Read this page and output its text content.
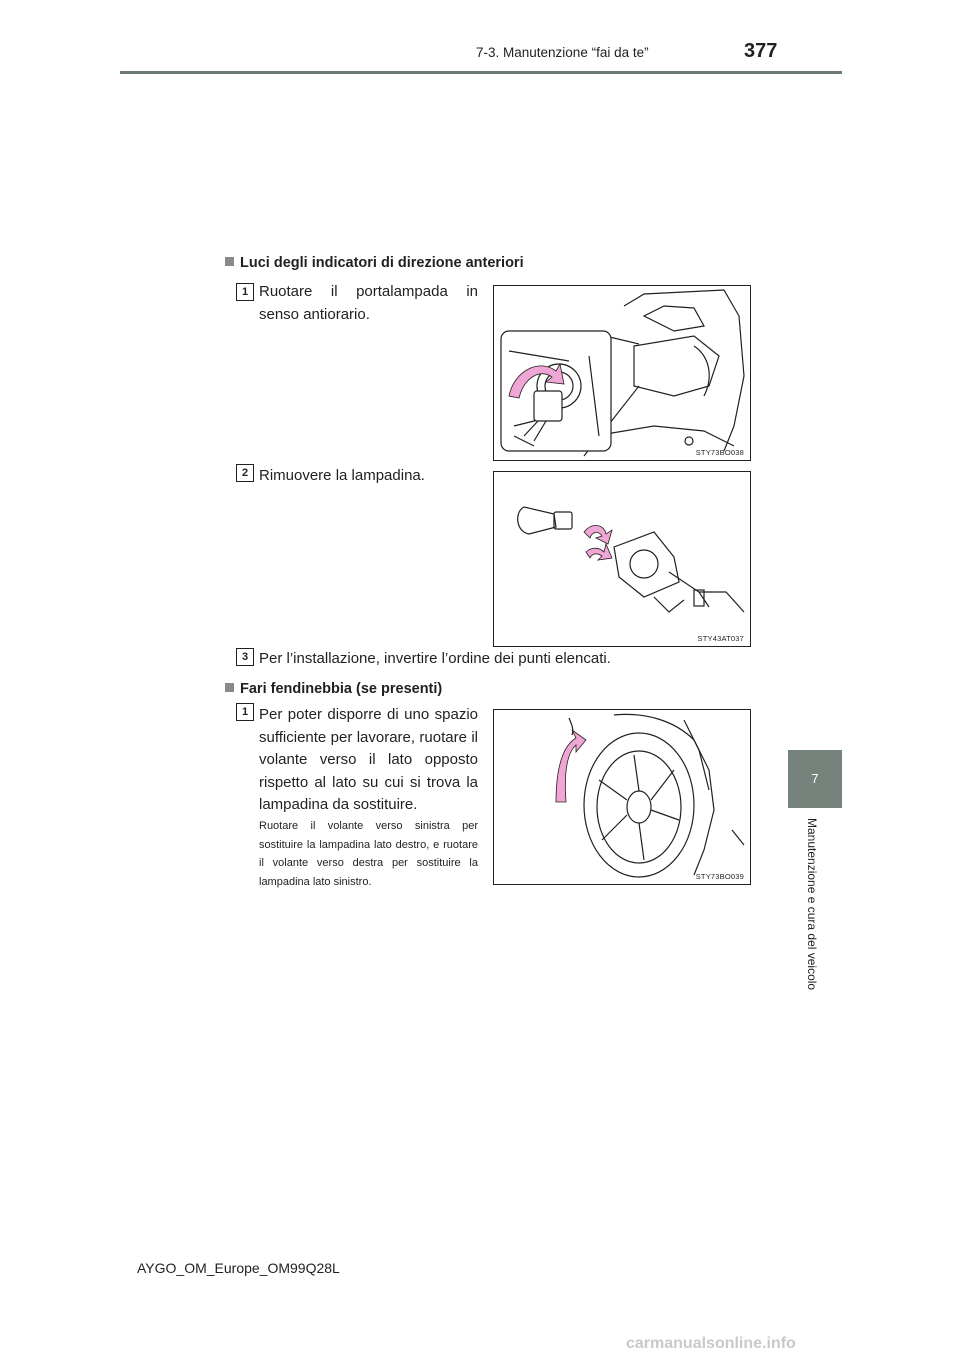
7-3. Manutenzione “fai da te”	377
7
Manutenzione e cura del veicolo
Luci degli indicatori di direzione anteriori
1 Ruotare il portalampada in senso antiorario.
STY73BO038
2 Rimuovere la lampadina.
STY43AT037
3 Per l’installazione, invertire l’ordine dei punti elencati.
Fari fendinebbia (se presenti)
1 Per poter disporre di uno spazio sufficiente per lavorare, ruotare il volante verso il lato opposto rispetto al lato su cui si trova la lampadina da sostituire.
Ruotare il volante verso sinistra per sostituire la lampadina lato destro, e ruotare il volante verso destra per sostituire la lampadina lato sinistro.	STY73BO039
AYGO_OM_Europe_OM99Q28L
carmanualsonline.info
